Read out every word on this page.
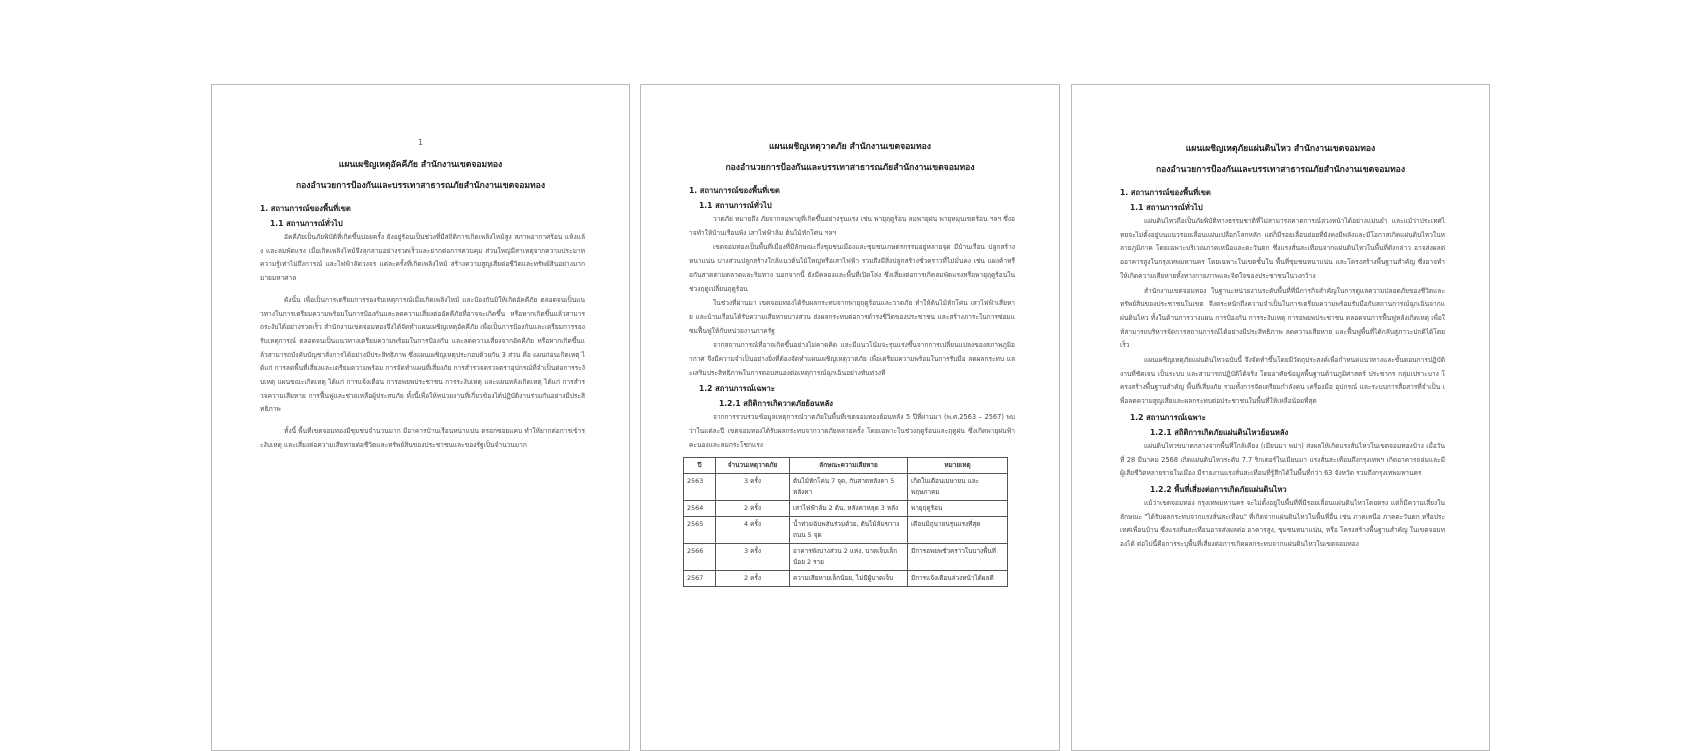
1
แผนเผชิญเหตุอัคคีภัย สำนักงานเขตจอมทอง
กองอำนวยการป้องกันและบรรเทาสาธารณภัยสำนักงานเขตจอมทอง
1. สถานการณ์ของพื้นที่เขต
1.1 สถานการณ์ทั่วไป
อัคคีภัยเป็นภัยพิบัติที่เกิดขึ้นบ่อยครั้ง ยังอยู่ร้อนเป็นช่วงที่มีสถิติการเกิดเพลิงไหม้สูง สภาพอากาศร้อน แห้งแล้ง และลมพัดแรง เมื่อเกิดเพลิงไหม้จึงลุกลามอย่างรวดเร็วและยากต่อการควบคุม ส่วนใหญ่มีสาเหตุจากความประมาท ความรู้เท่าไม่ถึงการณ์ และไฟฟ้าลัดวงจร แต่ละครั้งที่เกิดเพลิงไหม้ สร้างความสูญเสียต่อชีวิตและทรัพย์สินอย่างมากมายมหาศาล
ดังนั้น เพื่อเป็นการเตรียมการรองรับเหตุการณ์เมื่อเกิดเพลิงไหม้ และป้องกันมิให้เกิดอัคคีภัย ตลอดจนเป็นแนวทางในการเตรียมความพร้อมในการป้องกันและลดความเสี่ยงต่ออัคคีภัยที่อาจจะเกิดขึ้น หรือหากเกิดขึ้นแล้วสามารถระงับได้อย่างรวดเร็ว สำนักงานเขตจอมทองจึงได้จัดทำแผนเผชิญเหตุอัคคีภัย เพื่อเป็นการป้องกันและเตรียมการรองรับเหตุการณ์ ตลอดจนเป็นแนวทางเตรียมความพร้อมในการป้องกัน และลดความเสี่ยงจากอัคคีภัย หรือหากเกิดขึ้นแล้วสามารถบังคับบัญชาสั่งการได้อย่างมีประสิทธิภาพ ซึ่งแผนเผชิญเหตุประกอบด้วยกัน 3 ส่วน คือ แผนก่อนเกิดเหตุ ได้แก่ การลดพื้นที่เสี่ยงและเตรียมความพร้อม การจัดทำแผนที่เสี่ยงภัย การสำรวจตรวจตราอุปกรณ์ที่จำเป็นต่อการระงับเหตุ แผนขณะเกิดเหตุ ได้แก่ การแจ้งเตือน การอพยพประชาชน การระงับเหตุ และแผนหลังเกิดเหตุ ได้แก่ การสำรวจความเสียหาย การฟื้นฟูและช่วยเหลือผู้ประสบภัย ทั้งนี้เพื่อให้หน่วยงานที่เกี่ยวข้องได้ปฏิบัติงานร่วมกันอย่างมีประสิทธิภาพ
ทั้งนี้ พื้นที่เขตจอมทองมีชุมชนจำนวนมาก มีอาคารบ้านเรือนหนาแน่น ตรอกซอยแคบ ทำให้ยากต่อการเข้าระงับเหตุ และเสี่ยงต่อความเสียหายต่อชีวิตและทรัพย์สินของประชาชนและของรัฐเป็นจำนวนมาก
แผนเผชิญเหตุวาตภัย สำนักงานเขตจอมทอง
กองอำนวยการป้องกันและบรรเทาสาธารณภัยสำนักงานเขตจอมทอง
1. สถานการณ์ของพื้นที่เขต
1.1 สถานการณ์ทั่วไป
วาตภัย หมายถึง ภัยจากลมพายุที่เกิดขึ้นอย่างรุนแรง เช่น พายุฤดูร้อน ลมพายุฝน พายุหมุนเขตร้อน ฯลฯ ซึ่งอาจทำให้บ้านเรือนพัง เสาไฟฟ้าล้ม ต้นไม้หักโค่น ฯลฯ
เขตจอมทองเป็นพื้นที่เมืองที่มีลักษณะกึ่งชุมชนเมืองและชุมชนเกษตรกรรมอยู่หลายจุด มีบ้านเรือน ปลูกสร้างหนาแน่น บางส่วนปลูกสร้างใกล้แนวต้นไม้ใหญ่หรือเสาไฟฟ้า รวมถึงมีสิ่งปลูกสร้างชั่วคราวที่ไม่มั่นคง เช่น แผงค้าหรือกันสาดตามตลาดและริมทาง นอกจากนี้ ยังมีคลองและพื้นที่เปิดโล่ง ซึ่งเสี่ยงต่อการเกิดลมพัดแรงหรือพายุฤดูร้อนในช่วงฤดูเปลี่ยนฤดูร้อน
ในช่วงที่ผ่านมา เขตจอมทองได้รับผลกระทบจากพายุฤดูร้อนและวาตภัย ทำให้ต้นไม้หักโค่น เสาไฟฟ้าเสียหาย และบ้านเรือนได้รับความเสียหายบางส่วน ส่งผลกระทบต่อการดำรงชีวิตของประชาชน และสร้างภาระในการซ่อมแซมฟื้นฟูให้กับหน่วยงานภาครัฐ
จากสถานการณ์ที่อาจเกิดขึ้นอย่างไม่คาดคิด และมีแนวโน้มจะรุนแรงขึ้นจากการเปลี่ยนแปลงของสภาพภูมิอากาศ จึงมีความจำเป็นอย่างยิ่งที่ต้องจัดทำแผนเผชิญเหตุวาตภัย เพื่อเตรียมความพร้อมในการรับมือ ลดผลกระทบ และเสริมประสิทธิภาพในการตอบสนองต่อเหตุการณ์ฉุกเฉินอย่างทันท่วงที
1.2 สถานการณ์เฉพาะ
1.2.1 สถิติการเกิดวาตภัยย้อนหลัง
จากการรวบรวมข้อมูลเหตุการณ์วาตภัยในพื้นที่เขตจอมทองย้อนหลัง 5 ปีที่ผ่านมา (พ.ศ.2563 – 2567) พบว่าในแต่ละปี เขตจอมทองได้รับผลกระทบจากวาตภัยหลายครั้ง โดยเฉพาะในช่วงฤดูร้อนและฤดูฝน ซึ่งเกิดพายุฝนฟ้าคะนองและลมกระโชกแรง
ปี	จำนวนเหตุวาตภัย	ลักษณะความเสียหาย	หมายเหตุ
2563	3 ครั้ง	ต้นไม้หักโค่น 7 จุด, กันสาดหลังคา 5 หลังคา	เกิดในเดือนเมษายน และพฤษภาคม
2564	2 ครั้ง	เสาไฟฟ้าล้ม 2 ต้น, หลังคาหลุด 3 หลัง	พายุฤดูร้อน
2565	4 ครั้ง	น้ำท่วมฉับพลันร่วมด้วย, ต้นไม้ล้มขวาง ถนน 5 จุด	เดือนมิถุนายนรุนแรงที่สุด
2566	3 ครั้ง	อาคารพังบางส่วน 2 แห่ง, บาดเจ็บเล็กน้อย 2 ราย	มีการอพยพชั่วคราวในบางพื้นที่
2567	2 ครั้ง	ความเสียหายเล็กน้อย, ไม่มีผู้บาดเจ็บ	มีการแจ้งเตือนล่วงหน้าได้ผลดี
แผนเผชิญเหตุภัยแผ่นดินไหว สำนักงานเขตจอมทอง
กองอำนวยการป้องกันและบรรเทาสาธารณภัยสำนักงานเขตจอมทอง
1. สถานการณ์ของพื้นที่เขต
1.1 สถานการณ์ทั่วไป
แผ่นดินไหวถือเป็นภัยพิบัติทางธรรมชาติที่ไม่สามารถคาดการณ์ล่วงหน้าได้อย่างแม่นยำ และแม้ว่าประเทศไทยจะไม่ตั้งอยู่บนแนวรอยเลื่อนแผ่นเปลือกโลกหลัก แต่ก็มีรอยเลื่อนย่อยที่ยังคงมีพลังและมีโอกาสเกิดแผ่นดินไหวในหลายภูมิภาค โดยเฉพาะบริเวณภาคเหนือและตะวันตก ซึ่งแรงสั่นสะเทือนจากแผ่นดินไหวในพื้นที่ดังกล่าว อาจส่งผลต่ออาคารสูงในกรุงเทพมหานคร โดยเฉพาะในเขตชั้นใน พื้นที่ชุมชนหนาแน่น และโครงสร้างพื้นฐานสำคัญ ซึ่งอาจทำให้เกิดความเสียหายทั้งทางกายภาพและจิตใจของประชาชนในวงกว้าง
สำนักงานเขตจอมทอง ในฐานะหน่วยงานระดับพื้นที่ที่มีภารกิจสำคัญในการดูแลความปลอดภัยของชีวิตและทรัพย์สินของประชาชนในเขต จึงตระหนักถึงความจำเป็นในการเตรียมความพร้อมรับมือกับสถานการณ์ฉุกเฉินจากแผ่นดินไหว ทั้งในด้านการวางแผน การป้องกัน การระงับเหตุ การอพยพประชาชน ตลอดจนการฟื้นฟูหลังเกิดเหตุ เพื่อให้สามารถบริหารจัดการสถานการณ์ได้อย่างมีประสิทธิภาพ ลดความเสียหาย และฟื้นฟูพื้นที่ได้กลับสู่ภาวะปกติได้โดยเร็ว
แผนเผชิญเหตุภัยแผ่นดินไหวฉบับนี้ จึงจัดทำขึ้นโดยมีวัตถุประสงค์เพื่อกำหนดแนวทางและขั้นตอนการปฏิบัติงานที่ชัดเจน เป็นระบบ และสามารถปฏิบัติได้จริง โดยอาศัยข้อมูลพื้นฐานด้านภูมิศาสตร์ ประชากร กลุ่มเปราะบาง โครงสร้างพื้นฐานสำคัญ พื้นที่เสี่ยงภัย รวมทั้งการจัดเตรียมกำลังคน เครื่องมือ อุปกรณ์ และระบบการสื่อสารที่จำเป็น เพื่อลดความสูญเสียและผลกระทบต่อประชาชนในพื้นที่ให้เหลือน้อยที่สุด
1.2 สถานการณ์เฉพาะ
1.2.1 สถิติการเกิดภัยแผ่นดินไหวย้อนหลัง
แผ่นดินไหวขนาดกลางจากพื้นที่ใกล้เคียง (เมียนมา พม่า) ส่งผลให้เกิดแรงสั่นไหวในเขตจอมทองบ้าง เมื่อวันที่ 28 มีนาคม 2568 เกิดแผ่นดินไหวระดับ 7.7 ริกเตอร์ในเมียนมา แรงสั่นสะเทือนถึงกรุงเทพฯ เกิดอาคารถล่มและมีผู้เสียชีวิตหลายรายในเมือง มีรายงานแรงสั่นสะเทือนที่รู้สึกได้ในพื้นที่กว่า 63 จังหวัด รวมถึงกรุงเทพมหานคร
1.2.2 พื้นที่เสี่ยงต่อการเกิดภัยแผ่นดินไหว
แม้ว่าเขตจอมทอง กรุงเทพมหานคร จะไม่ตั้งอยู่ในพื้นที่ที่มีรอยเลื่อนแผ่นดินไหวโดยตรง แต่ก็มีความเสี่ยงในลักษณะ "ได้รับผลกระทบจากแรงสั่นสะเทือน" ที่เกิดจากแผ่นดินไหวในพื้นที่อื่น เช่น ภาคเหนือ ภาคตะวันตก หรือประเทศเพื่อนบ้าน ซึ่งแรงสั่นสะเทือนอาจส่งผลต่อ อาคารสูง, ชุมชนหนาแน่น, หรือ โครงสร้างพื้นฐานสำคัญ ในเขตจอมทองได้ ต่อไปนี้คือการระบุพื้นที่เสี่ยงต่อการเกิดผลกระทบจากแผ่นดินไหวในเขตจอมทอง
